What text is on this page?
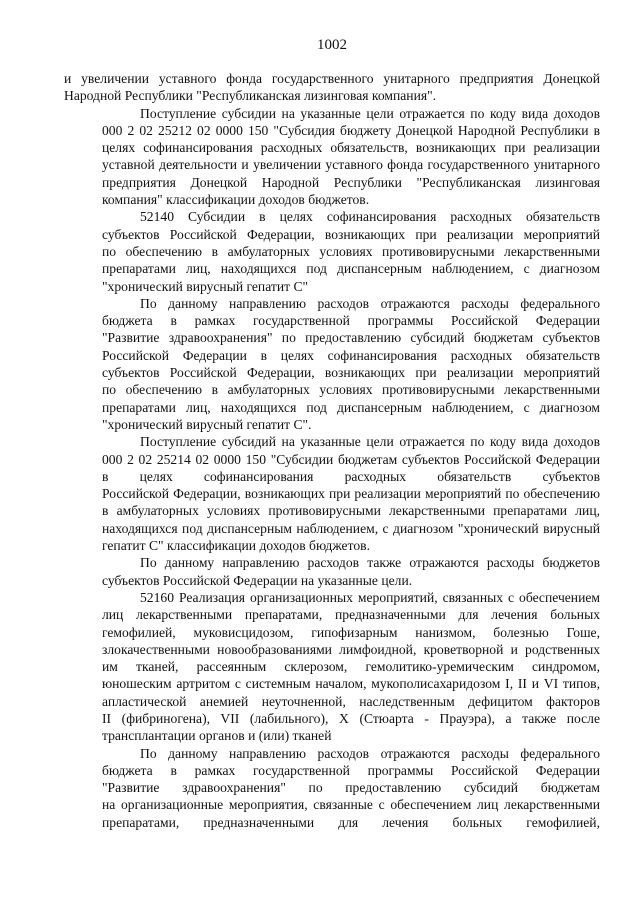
1002
и увеличении уставного фонда государственного унитарного предприятия Донецкой
Народной Республики "Республиканская лизинговая компания".
Поступление субсидии на указанные цели отражается по коду вида доходов
000 2 02 25212 02 0000 150 "Субсидия бюджету Донецкой Народной Республики в
целях софинансирования расходных обязательств, возникающих при реализации
уставной деятельности и увеличении уставного фонда государственного унитарного
предприятия Донецкой Народной Республики "Республиканская лизинговая
компания" классификации доходов бюджетов.
52140 Субсидии в целях софинансирования расходных обязательств
субъектов Российской Федерации, возникающих при реализации мероприятий
по обеспечению в амбулаторных условиях противовирусными лекарственными
препаратами лиц, находящихся под диспансерным наблюдением, с диагнозом
"хронический вирусный гепатит С"
По данному направлению расходов отражаются расходы федерального
бюджета в рамках государственной программы Российской Федерации
"Развитие здравоохранения" по предоставлению субсидий бюджетам субъектов
Российской Федерации в целях софинансирования расходных обязательств
субъектов Российской Федерации, возникающих при реализации мероприятий
по обеспечению в амбулаторных условиях противовирусными лекарственными
препаратами лиц, находящихся под диспансерным наблюдением, с диагнозом
"хронический вирусный гепатит С".
Поступление субсидий на указанные цели отражается по коду вида доходов
000 2 02 25214 02 0000 150 "Субсидии бюджетам субъектов Российской Федерации
в целях софинансирования расходных обязательств субъектов
Российской Федерации, возникающих при реализации мероприятий по обеспечению
в амбулаторных условиях противовирусными лекарственными препаратами лиц,
находящихся под диспансерным наблюдением, с диагнозом "хронический вирусный
гепатит С" классификации доходов бюджетов.
По данному направлению расходов также отражаются расходы бюджетов
субъектов Российской Федерации на указанные цели.
52160 Реализация организационных мероприятий, связанных с обеспечением
лиц лекарственными препаратами, предназначенными для лечения больных
гемофилией, муковисцидозом, гипофизарным нанизмом, болезнью Гоше,
злокачественными новообразованиями лимфоидной, кроветворной и родственных
им тканей, рассеянным склерозом, гемолитико-уремическим синдромом,
юношеским артритом с системным началом, мукополисахаридозом I, II и VI типов,
апластической анемией неуточненной, наследственным дефицитом факторов
II (фибриногена), VII (лабильного), X (Стюарта - Прауэра), а также после
трансплантации органов и (или) тканей
По данному направлению расходов отражаются расходы федерального
бюджета в рамках государственной программы Российской Федерации
"Развитие здравоохранения" по предоставлению субсидий бюджетам
на организационные мероприятия, связанные с обеспечением лиц лекарственными
препаратами, предназначенными для лечения больных гемофилией,
